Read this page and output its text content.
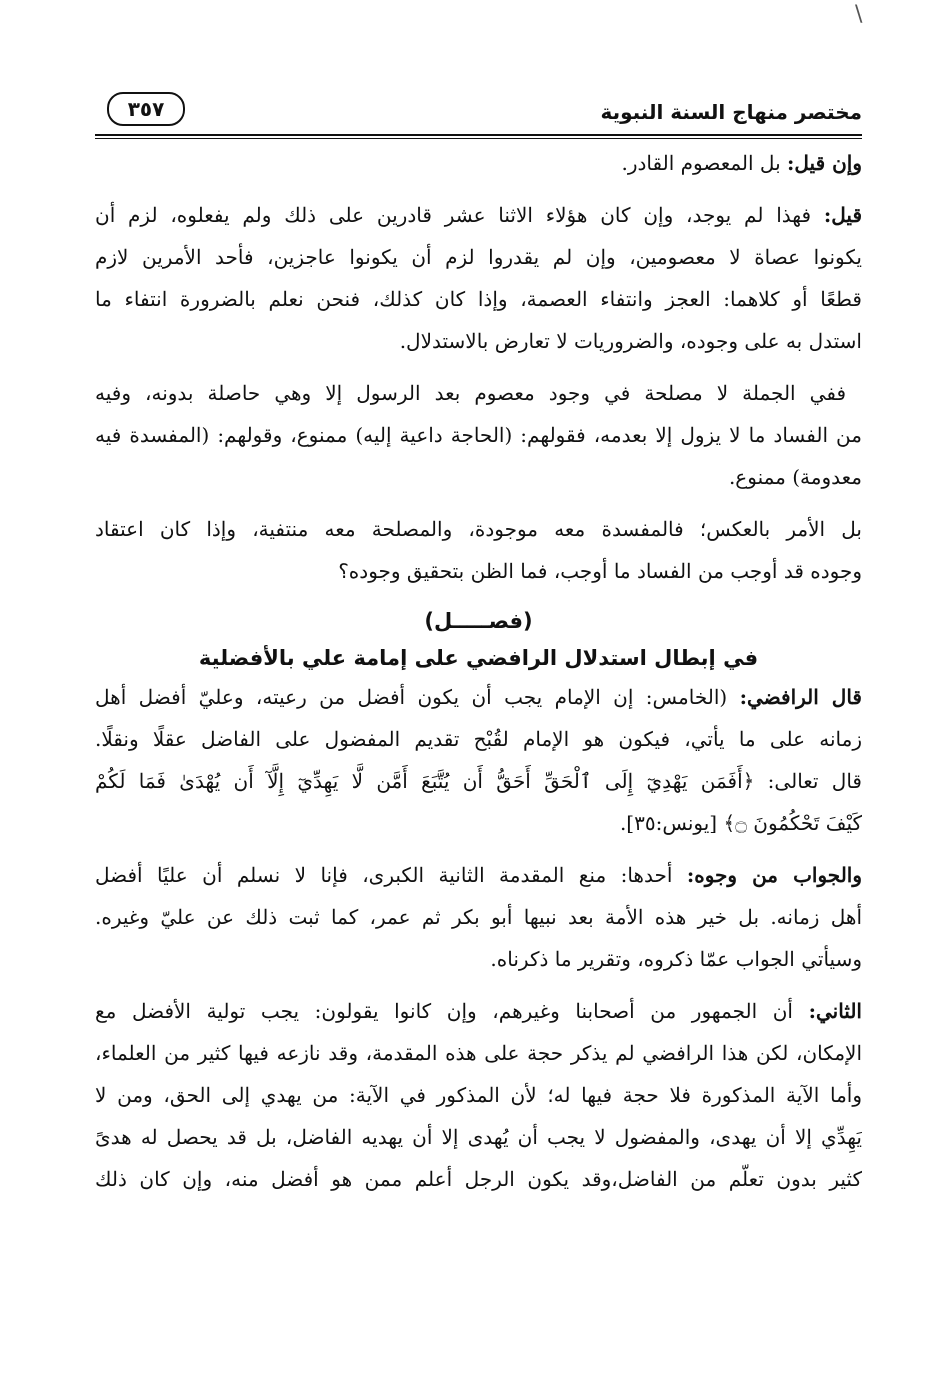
\
مختصر منهاج السنة النبوية
٣٥٧
وإن قيل: بل المعصوم القادر.
قيل: فهذا لم يوجد، وإن كان هؤلاء الاثنا عشر قادرين على ذلك ولم يفعلوه، لزم أن
يكونوا عصاة لا معصومين، وإن لم يقدروا لزم أن يكونوا عاجزين، فأحد الأمرين لازم
قطعًا أو كلاهما: العجز وانتفاء العصمة، وإذا كان كذلك، فنحن نعلم بالضرورة انتفاء ما
استدل به على وجوده، والضروريات لا تعارض بالاستدلال.
ففي الجملة لا مصلحة في وجود معصوم بعد الرسول إلا وهي حاصلة بدونه، وفيه
من الفساد ما لا يزول إلا بعدمه، فقولهم: (الحاجة داعية إليه) ممنوع، وقولهم: (المفسدة فيه
معدومة) ممنوع.
بل الأمر بالعكس؛ فالمفسدة معه موجودة، والمصلحة معه منتفية، وإذا كان اعتقاد
وجوده قد أوجب من الفساد ما أوجب، فما الظن بتحقيق وجوده؟
(فصـــــل)
في إبطال استدلال الرافضي على إمامة علي بالأفضلية
قال الرافضي: (الخامس: إن الإمام يجب أن يكون أفضل من رعيته، وعليّ أفضل أهل
زمانه على ما يأتي، فيكون هو الإمام لقُبْح تقديم المفضول على الفاضل عقلًا ونقلًا.
قال تعالى: ﴿أَفَمَن يَهْدِيٓ إِلَى ٱلْحَقِّ أَحَقُّ أَن يُتَّبَعَ أَمَّن لَّا يَهِدِّيٓ إِلَّآ أَن يُهْدَىٰ فَمَا لَكُمْ
كَيْفَ تَحْكُمُونَ ۝﴾ [يونس:٣٥].
والجواب من وجوه: أحدها: منع المقدمة الثانية الكبرى، فإنا لا نسلم أن عليًا أفضل
أهل زمانه. بل خير هذه الأمة بعد نبيها أبو بكر ثم عمر، كما ثبت ذلك عن عليّ وغيره.
وسيأتي الجواب عمّا ذكروه، وتقرير ما ذكرناه.
الثاني: أن الجمهور من أصحابنا وغيرهم، وإن كانوا يقولون: يجب تولية الأفضل مع
الإمكان، لكن هذا الرافضي لم يذكر حجة على هذه المقدمة، وقد نازعه فيها كثير من العلماء،
وأما الآية المذكورة فلا حجة فيها له؛ لأن المذكور في الآية: من يهدي إلى الحق، ومن لا
يَهِدِّي إلا أن يهدى، والمفضول لا يجب أن يُهدى إلا أن يهديه الفاضل، بل قد يحصل له هدىً
كثير بدون تعلّم من الفاضل،وقد يكون الرجل أعلم ممن هو أفضل منه، وإن كان ذلك
